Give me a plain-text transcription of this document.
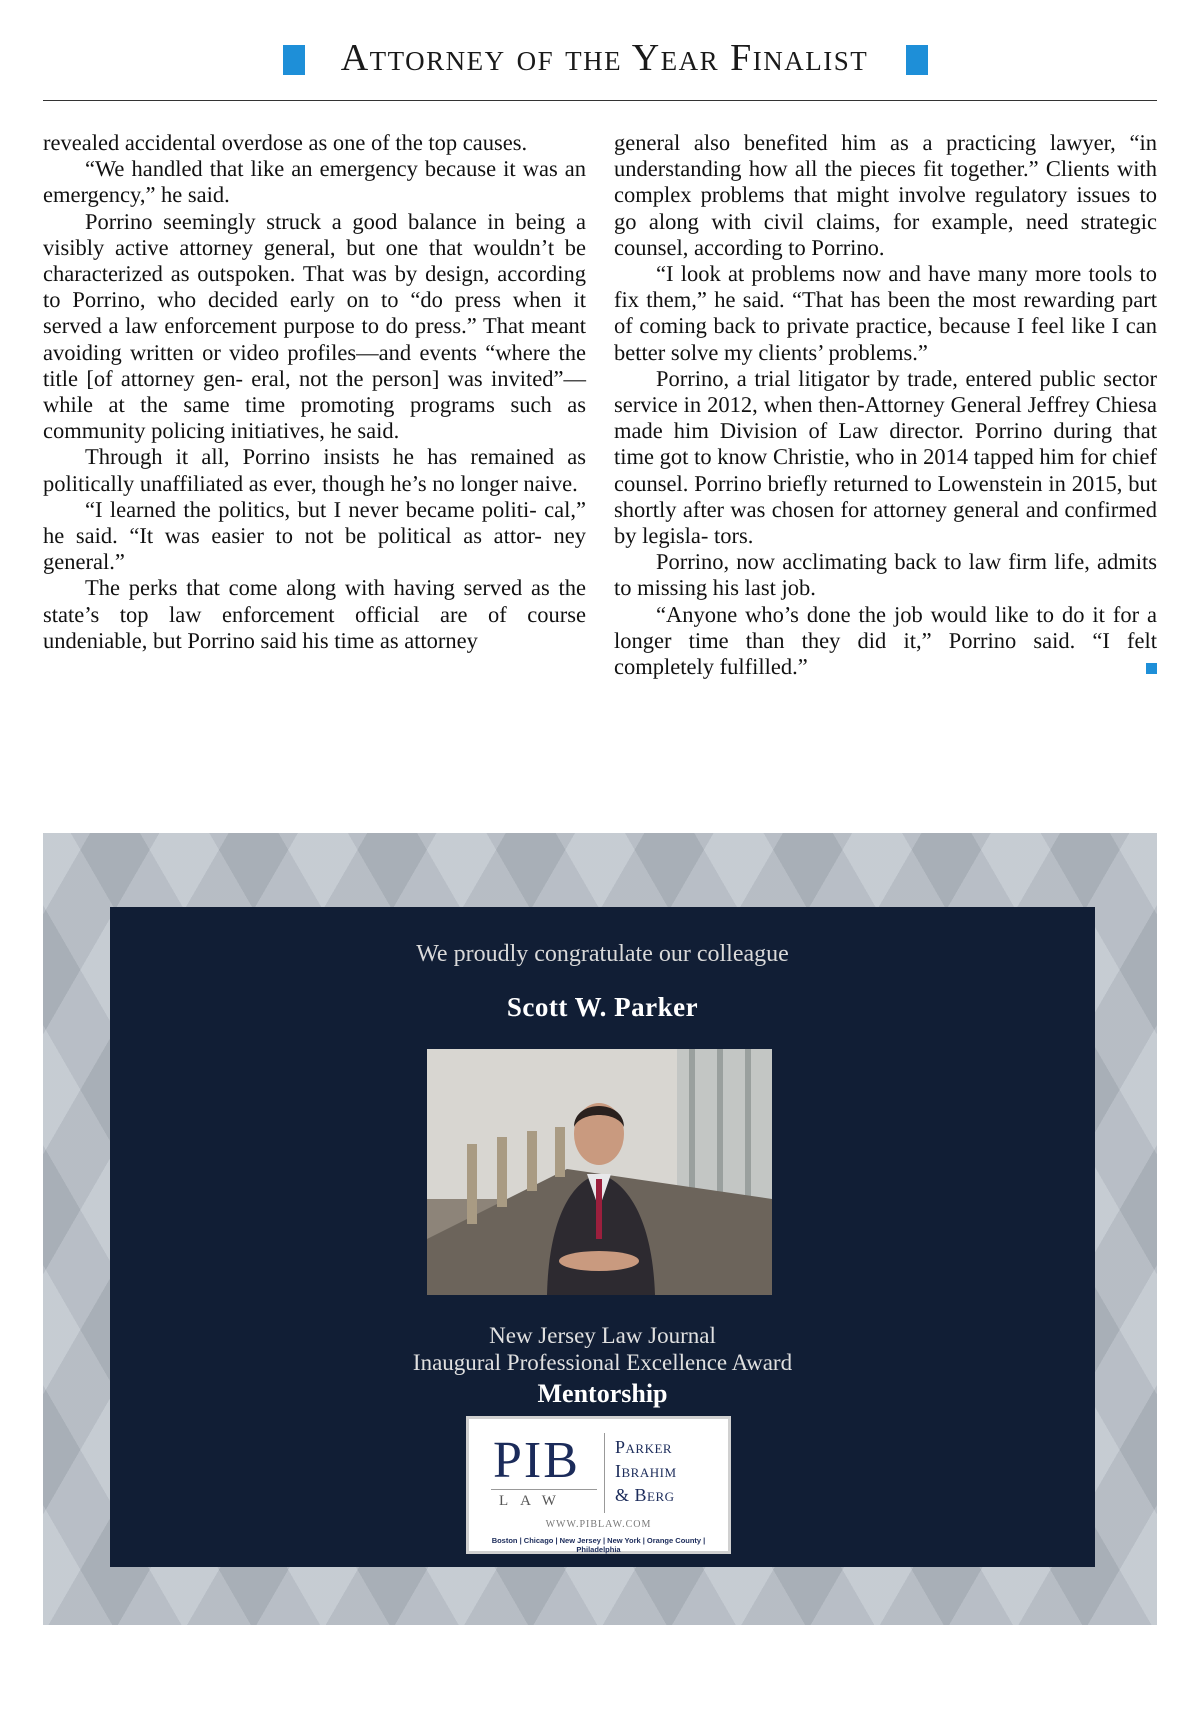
Attorney of the Year Finalist

revealed accidental overdose as one of the top causes.

“We handled that like an emergency because it was an emergency,” he said.

Porrino seemingly struck a good balance in being a visibly active attorney general, but one that wouldn’t be characterized as outspoken. That was by design, according to Porrino, who decided early on to “do press when it served a law enforcement purpose to do press.” That meant avoiding written or video profiles—and events “where the title [of attorney gen- eral, not the person] was invited”—while at the same time promoting programs such as community policing initiatives, he said.

Through it all, Porrino insists he has remained as politically unaffiliated as ever, though he’s no longer naive.

“I learned the politics, but I never became politi- cal,” he said. “It was easier to not be political as attor- ney general.”

The perks that come along with having served as the state’s top law enforcement official are of course undeniable, but Porrino said his time as attorney

general also benefited him as a practicing lawyer, “in understanding how all the pieces fit together.” Clients with complex problems that might involve regulatory issues to go along with civil claims, for example, need strategic counsel, according to Porrino.

“I look at problems now and have many more tools to fix them,” he said. “That has been the most rewarding part of coming back to private practice, because I feel like I can better solve my clients’ problems.”

Porrino, a trial litigator by trade, entered public sector service in 2012, when then-Attorney General Jeffrey Chiesa made him Division of Law director. Porrino during that time got to know Christie, who in 2014 tapped him for chief counsel. Porrino briefly returned to Lowenstein in 2015, but shortly after was chosen for attorney general and confirmed by legisla- tors.

Porrino, now acclimating back to law firm life, admits to missing his last job.

“Anyone who’s done the job would like to do it for a longer time than they did it,” Porrino said. “I felt completely fulfilled.”

We proudly congratulate our colleague
Scott W. Parker
New Jersey Law Journal
Inaugural Professional Excellence Award
Mentorship
PIB
LAW
Parker
Ibrahim
& Berg
WWW.PIBLAW.COM
Boston | Chicago | New Jersey | New York | Orange County | Philadelphia
